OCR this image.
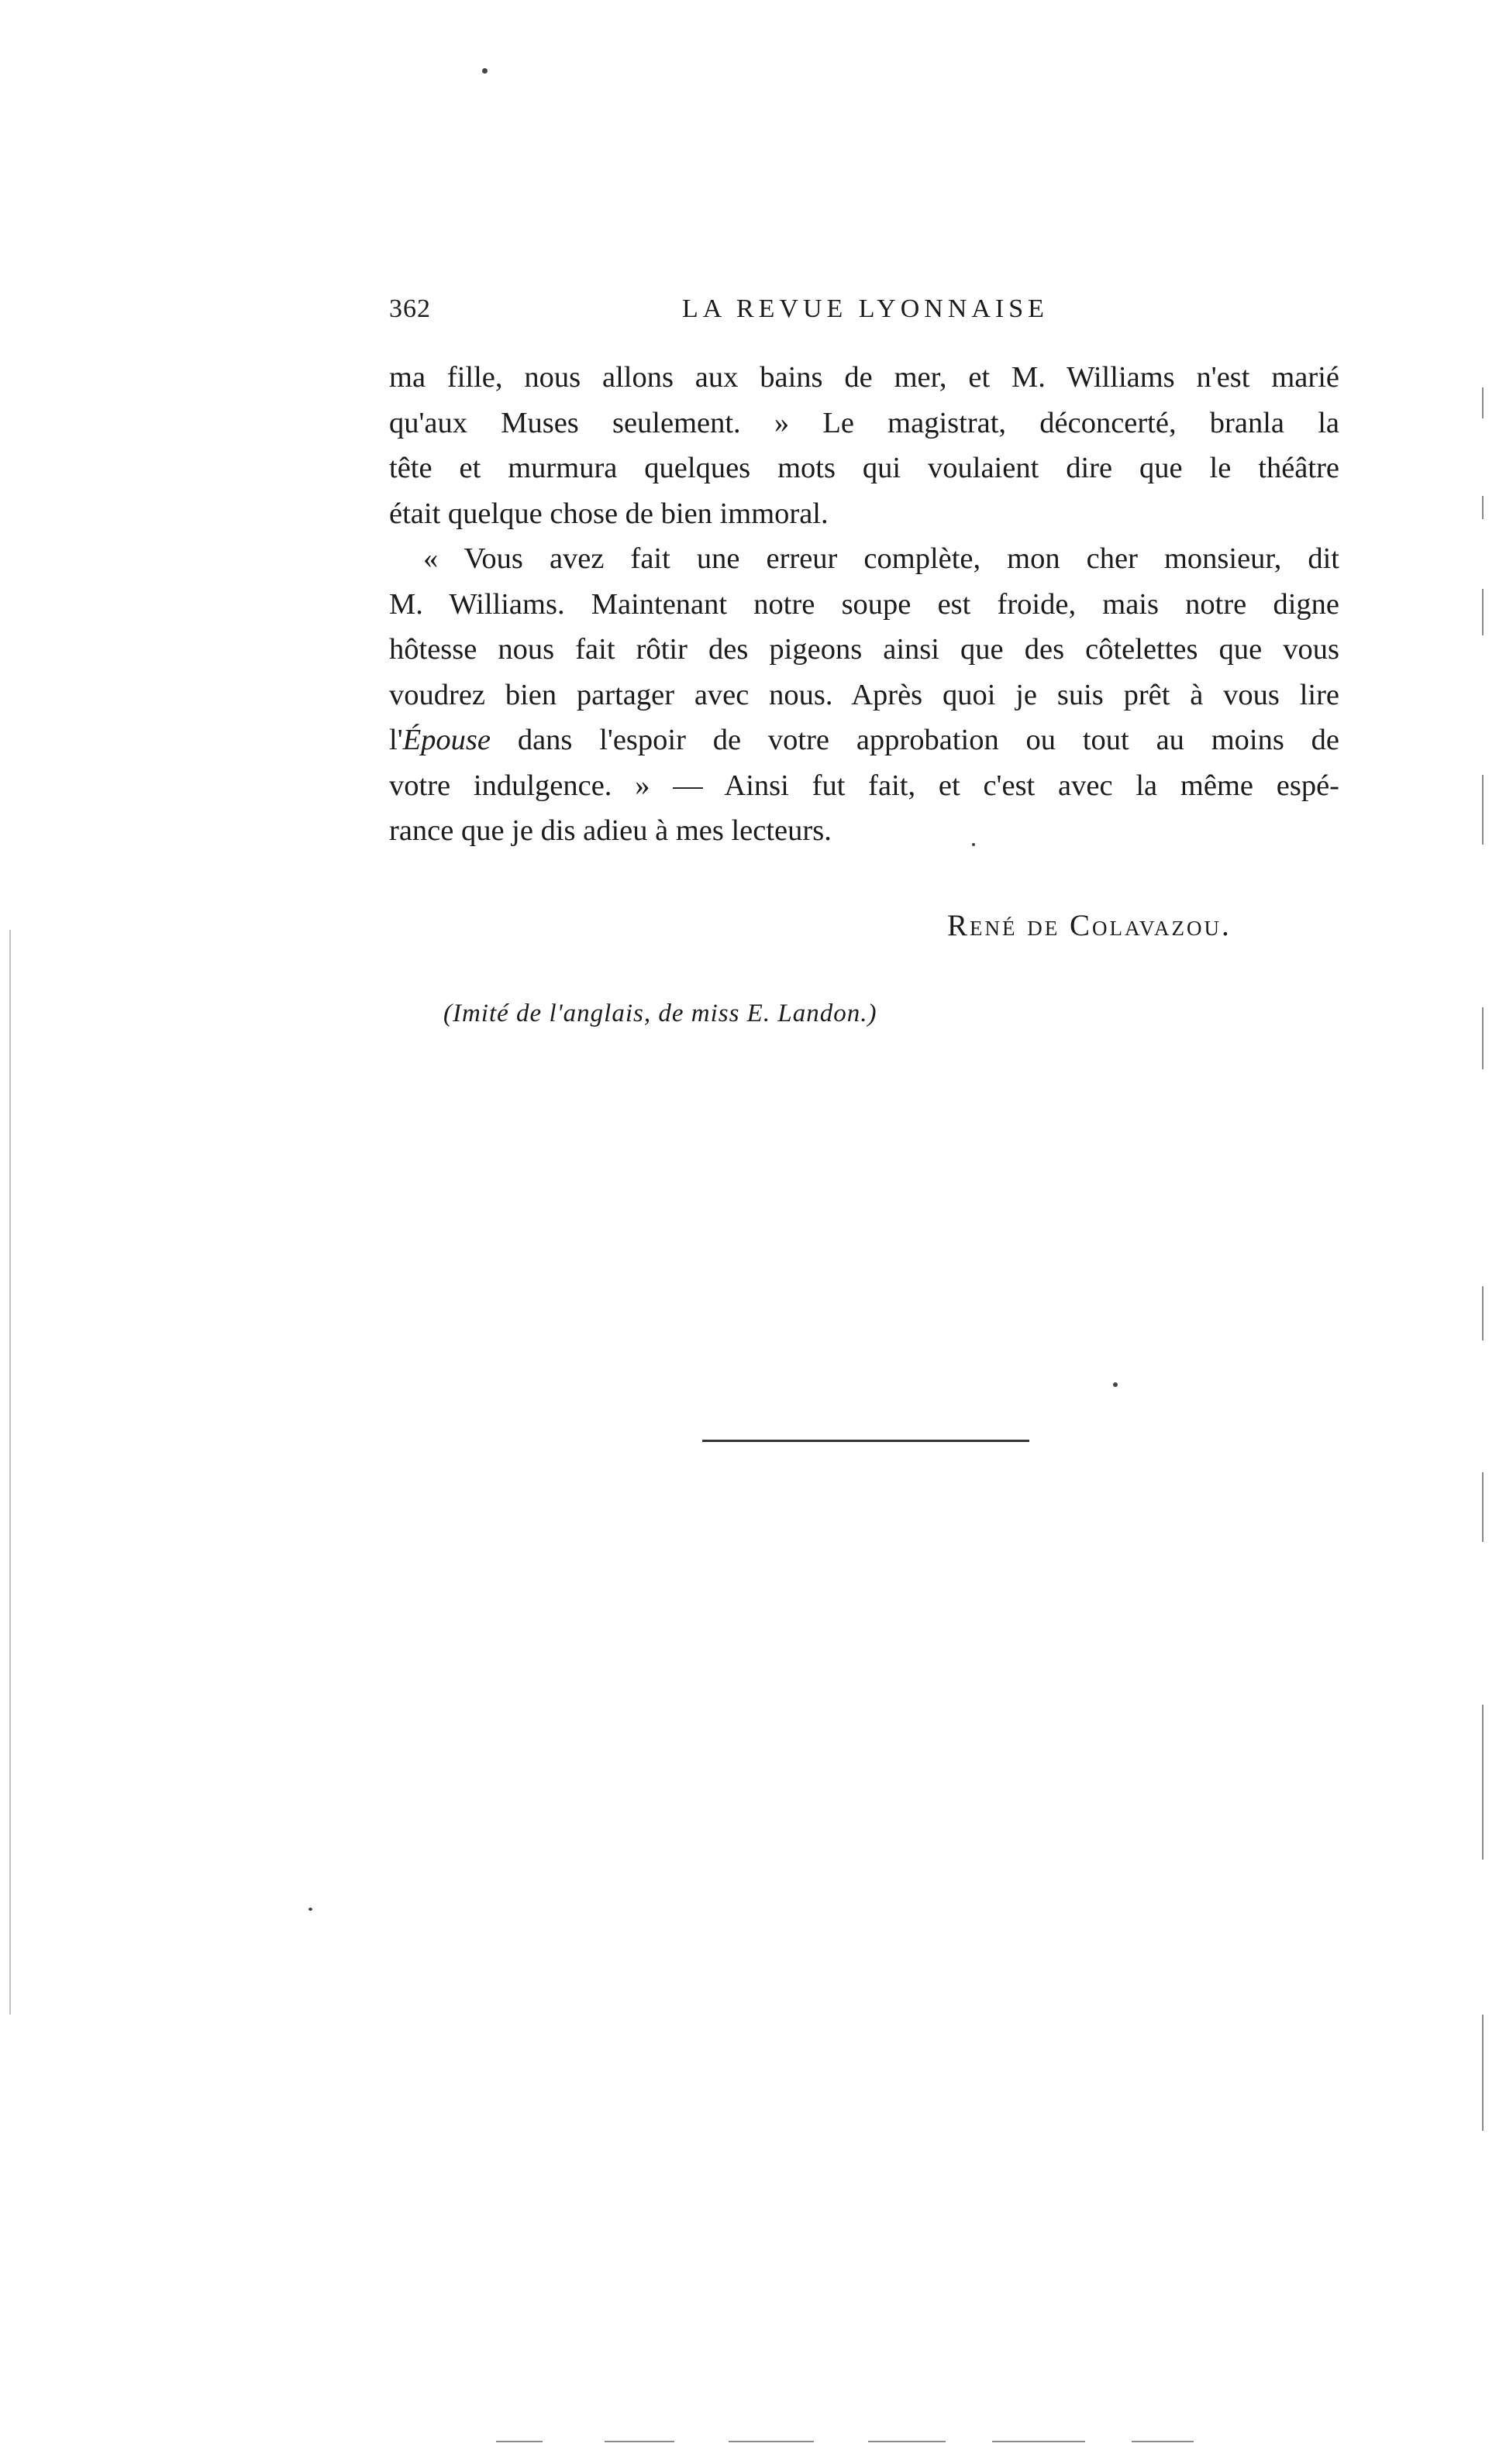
362	LA REVUE LYONNAISE
ma fille, nous allons aux bains de mer, et M. Williams n'est marié
qu'aux Muses seulement. » Le magistrat, déconcerté, branla la
tête et murmura quelques mots qui voulaient dire que le théâtre
était quelque chose de bien immoral.
« Vous avez fait une erreur complète, mon cher monsieur, dit
M. Williams. Maintenant notre soupe est froide, mais notre digne
hôtesse nous fait rôtir des pigeons ainsi que des côtelettes que vous
voudrez bien partager avec nous. Après quoi je suis prêt à vous lire
l'Épouse dans l'espoir de votre approbation ou tout au moins de
votre indulgence. » — Ainsi fut fait, et c'est avec la même espé-
rance que je dis adieu à mes lecteurs.
René de Colavazou.
(Imité de l'anglais, de miss E. Landon.)
